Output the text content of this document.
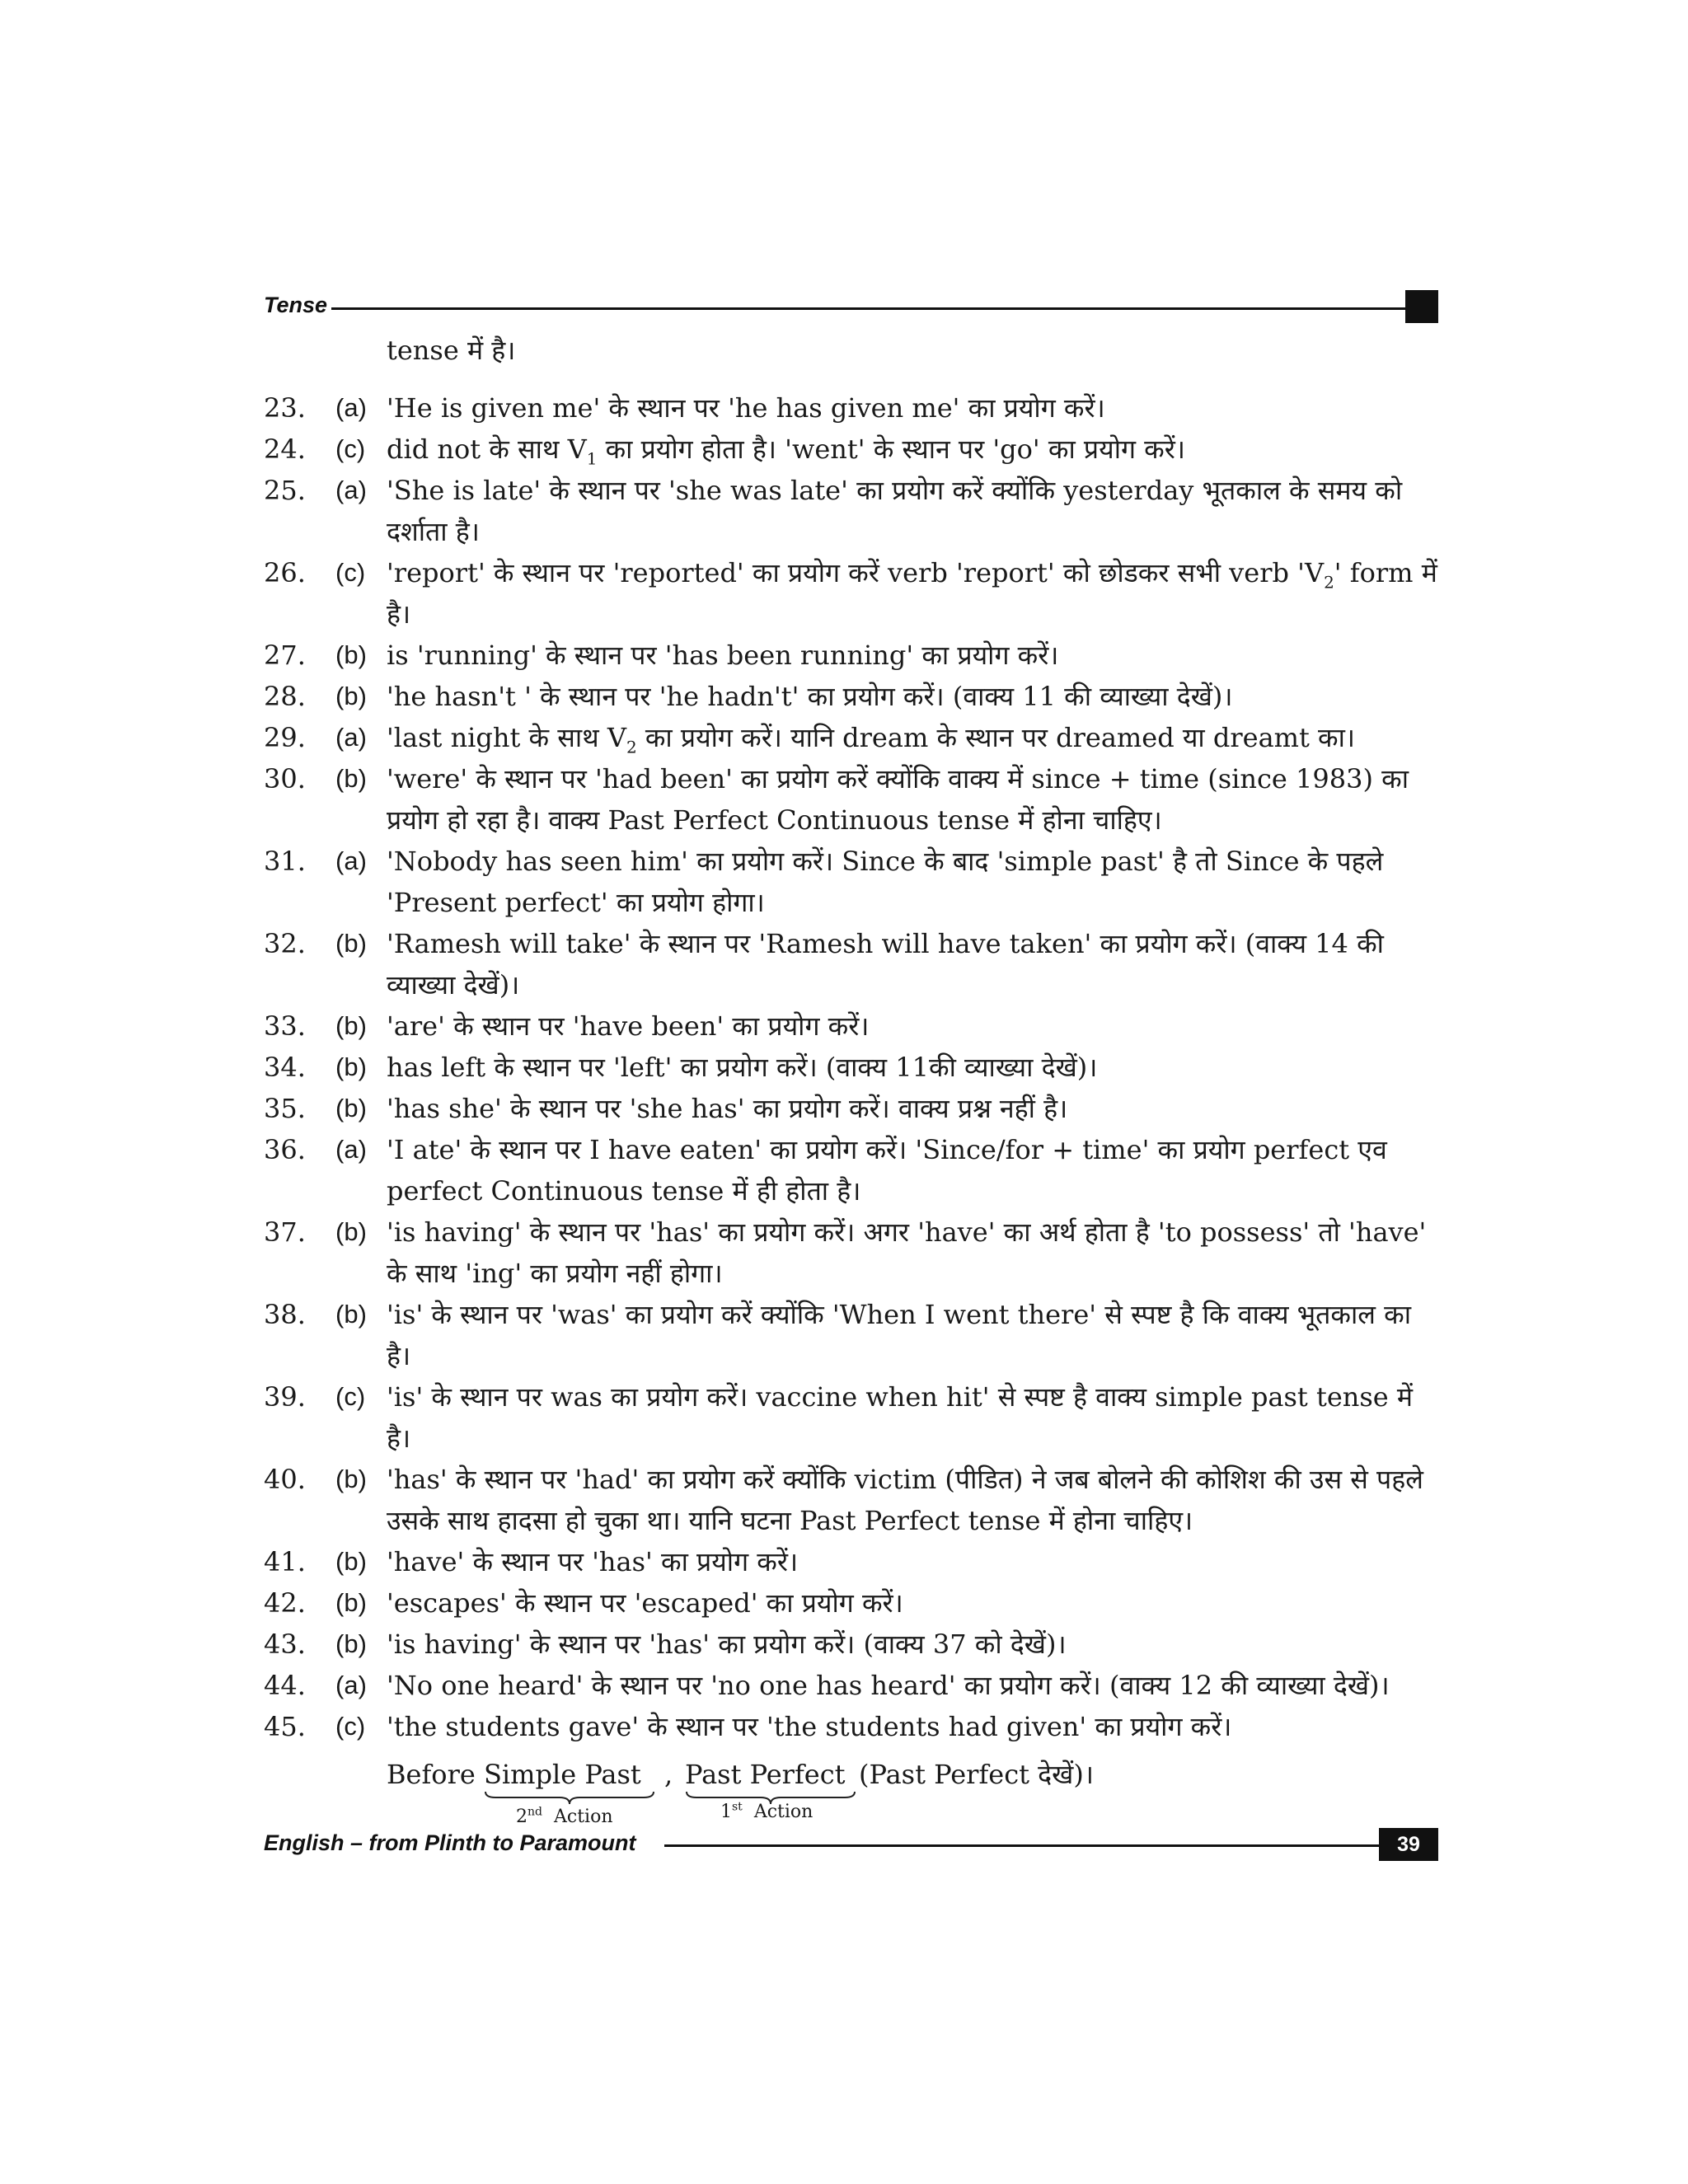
Tense
tense में है।
23. (a) 'He is given me' के स्थान पर 'he has given me' का प्रयोग करें।
24. (c) did not के साथ $V_1$ का प्रयोग होता है। 'went' के स्थान पर 'go' का प्रयोग करें।
25. (a) 'She is late' के स्थान पर 'she was late' का प्रयोग करें क्योंकि yesterday भूतकाल के समय को दर्शाता है।
26. (c) 'report' के स्थान पर 'reported' का प्रयोग करें verb 'report' को छोडकर सभी verb '$V_2$' form में है।
27. (b) is 'running' के स्थान पर 'has been running' का प्रयोग करें।
28. (b) 'he hasn't ' के स्थान पर 'he hadn't' का प्रयोग करें। (वाक्य 11 की व्याख्या देखें)।
29. (a) 'last night के साथ $V_2$ का प्रयोग करें। यानि dream के स्थान पर dreamed या dreamt का।
30. (b) 'were' के स्थान पर 'had been' का प्रयोग करें क्योंकि वाक्य में since + time (since 1983) का प्रयोग हो रहा है। वाक्य Past Perfect Continuous tense में होना चाहिए।
31. (a) 'Nobody has seen him' का प्रयोग करें। Since के बाद 'simple past' है तो Since के पहले 'Present perfect' का प्रयोग होगा।
32. (b) 'Ramesh will take' के स्थान पर 'Ramesh will have taken' का प्रयोग करें। (वाक्य 14 की व्याख्या देखें)।
33. (b) 'are' के स्थान पर 'have been' का प्रयोग करें।
34. (b) has left के स्थान पर 'left' का प्रयोग करें। (वाक्य 11की व्याख्या देखें)।
35. (b) 'has she' के स्थान पर 'she has' का प्रयोग करें। वाक्य प्रश्न नहीं है।
36. (a) 'I ate' के स्थान पर I have eaten' का प्रयोग करें। 'Since/for + time' का प्रयोग perfect एव perfect Continuous tense में ही होता है।
37. (b) 'is having' के स्थान पर 'has' का प्रयोग करें। अगर 'have' का अर्थ होता है 'to possess' तो 'have' के साथ 'ing' का प्रयोग नहीं होगा।
38. (b) 'is' के स्थान पर 'was' का प्रयोग करें क्योंकि 'When I went there' से स्पष्ट है कि वाक्य भूतकाल का है।
39. (c) 'is' के स्थान पर was का प्रयोग करें। vaccine when hit' से स्पष्ट है वाक्य simple past tense में है।
40. (b) 'has' के स्थान पर 'had' का प्रयोग करें क्योंकि victim (पीडित) ने जब बोलने की कोशिश की उस से पहले उसके साथ हादसा हो चुका था। यानि घटना Past Perfect tense में होना चाहिए।
41. (b) 'have' के स्थान पर 'has' का प्रयोग करें।
42. (b) 'escapes' के स्थान पर 'escaped' का प्रयोग करें।
43. (b) 'is having' के स्थान पर 'has' का प्रयोग करें। (वाक्य 37 को देखें)।
44. (a) 'No one heard' के स्थान पर 'no one has heard' का प्रयोग करें। (वाक्य 12 की व्याख्या देखें)।
45. (c) 'the students gave' के स्थान पर 'the students had given' का प्रयोग करें।
Before Simple Past , Past Perfect (Past Perfect देखें)।
2nd Action	1st Action
English – from Plinth to Paramount	39
